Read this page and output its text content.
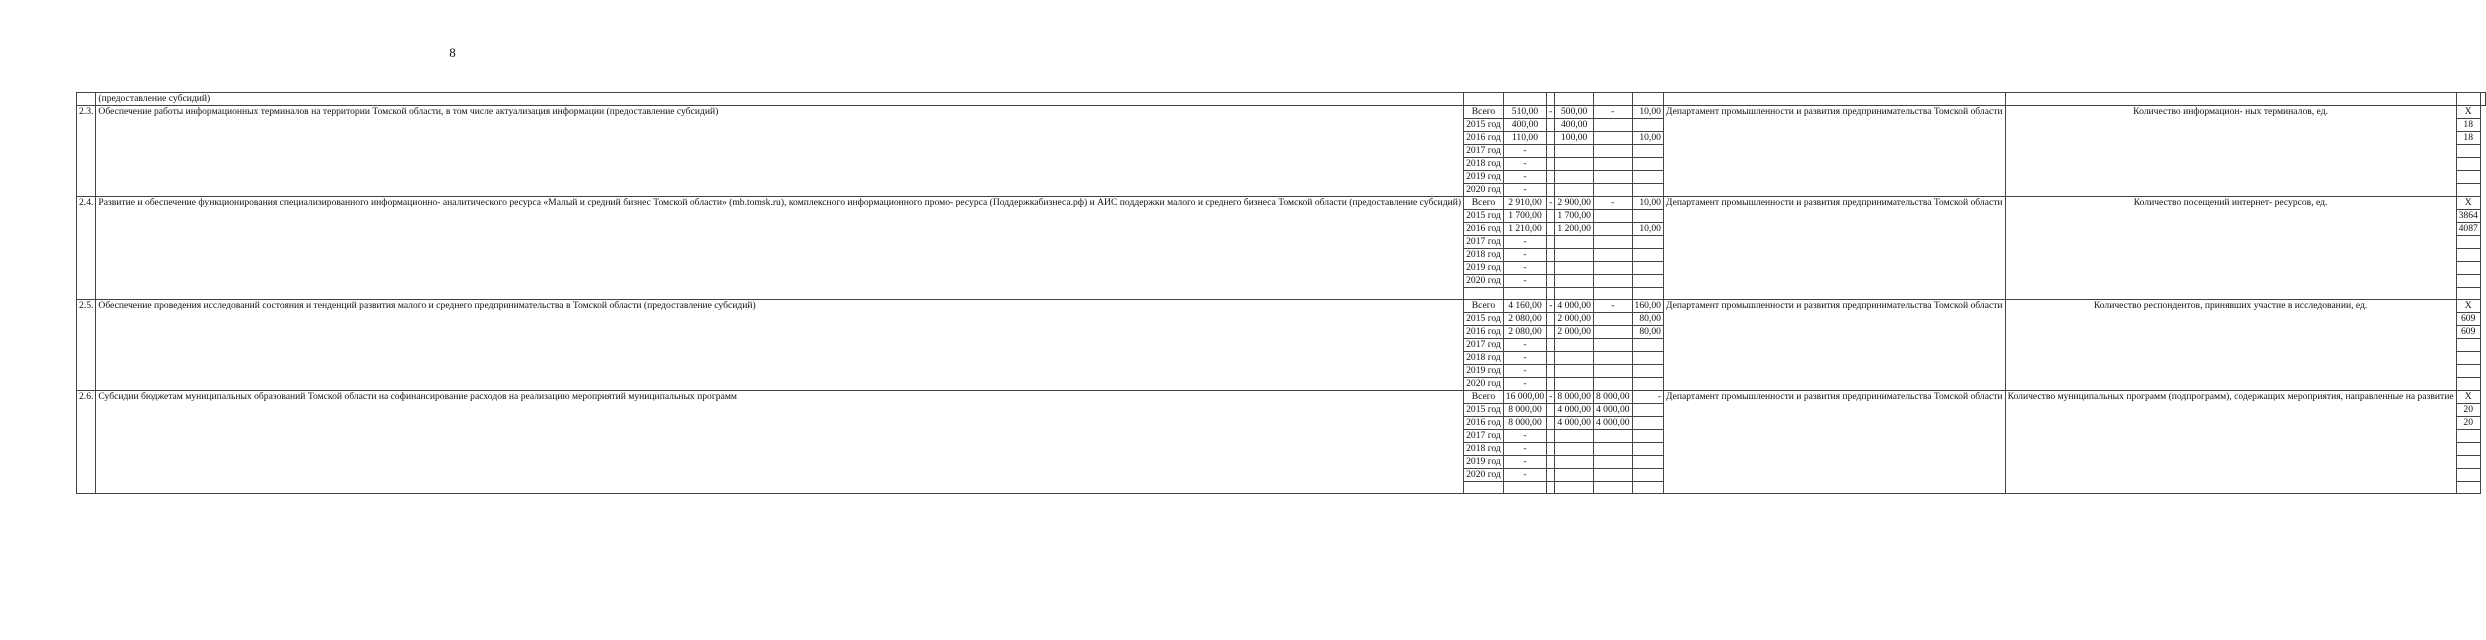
8
	(предоставление субсидий)										
2.3.	Обеспечение работы информационных терминалов на территории Томской области, в том числе актуализация информации (предоставление субсидий)	Всего	510,00	-	500,00	-	10,00	Департамент промышленности и развития предпринимательства Томской области	Количество информацион- ных терминалов, ед.	Х	
		2015 год	400,00		400,00					18	
		2016 год	110,00		100,00		10,00			18	
		2017 год	-								
		2018 год	-								
		2019 год	-								
		2020 год	-								
2.4.	Развитие и обеспечение функционирования специализированного информационно- аналитического ресурса «Малый и средний бизнес Томской области» (mb.tomsk.ru), комплексного информационного промо- ресурса (Поддержкабизнеса.рф) и АИС поддержки малого и среднего бизнеса Томской области (предоставление субсидий)	Всего	2 910,00	-	2 900,00	-	10,00	Департамент промышленности и развития предпринимательства Томской области	Количество посещений интернет- ресурсов, ед.	Х	
		2015 год	1 700,00		1 700,00					3864	
		2016 год	1 210,00		1 200,00		10,00			4087	
		2017 год	-								
		2018 год	-								
		2019 год	-								
		2020 год	-								

2.5.	Обеспечение проведения исследований состояния и тенденций развития малого и среднего предпринимательства в Томской области (предоставление субсидий)	Всего	4 160,00	-	4 000,00	-	160,00	Департамент промышленности и развития предпринимательства Томской области	Количество респондентов, принявших участие в исследовании, ед.	Х	
		2015 год	2 080,00		2 000,00		80,00			609	
		2016 год	2 080,00		2 000,00		80,00			609	
		2017 год	-								
		2018 год	-								
		2019 год	-								
		2020 год	-								
2.6.	Субсидии бюджетам муниципальных образований Томской области на софинансирование расходов на реализацию мероприятий муниципальных программ	Всего	16 000,00	-	8 000,00	8 000,00	-	Департамент промышленности и развития предпринимательства Томской области	Количество муниципальных программ (подпрограмм), содержащих мероприятия, направленные на развитие	Х	
		2015 год	8 000,00		4 000,00	4 000,00				20	
		2016 год	8 000,00		4 000,00	4 000,00				20	
		2017 год	-								
		2018 год	-								
		2019 год	-								
		2020 год	-								
